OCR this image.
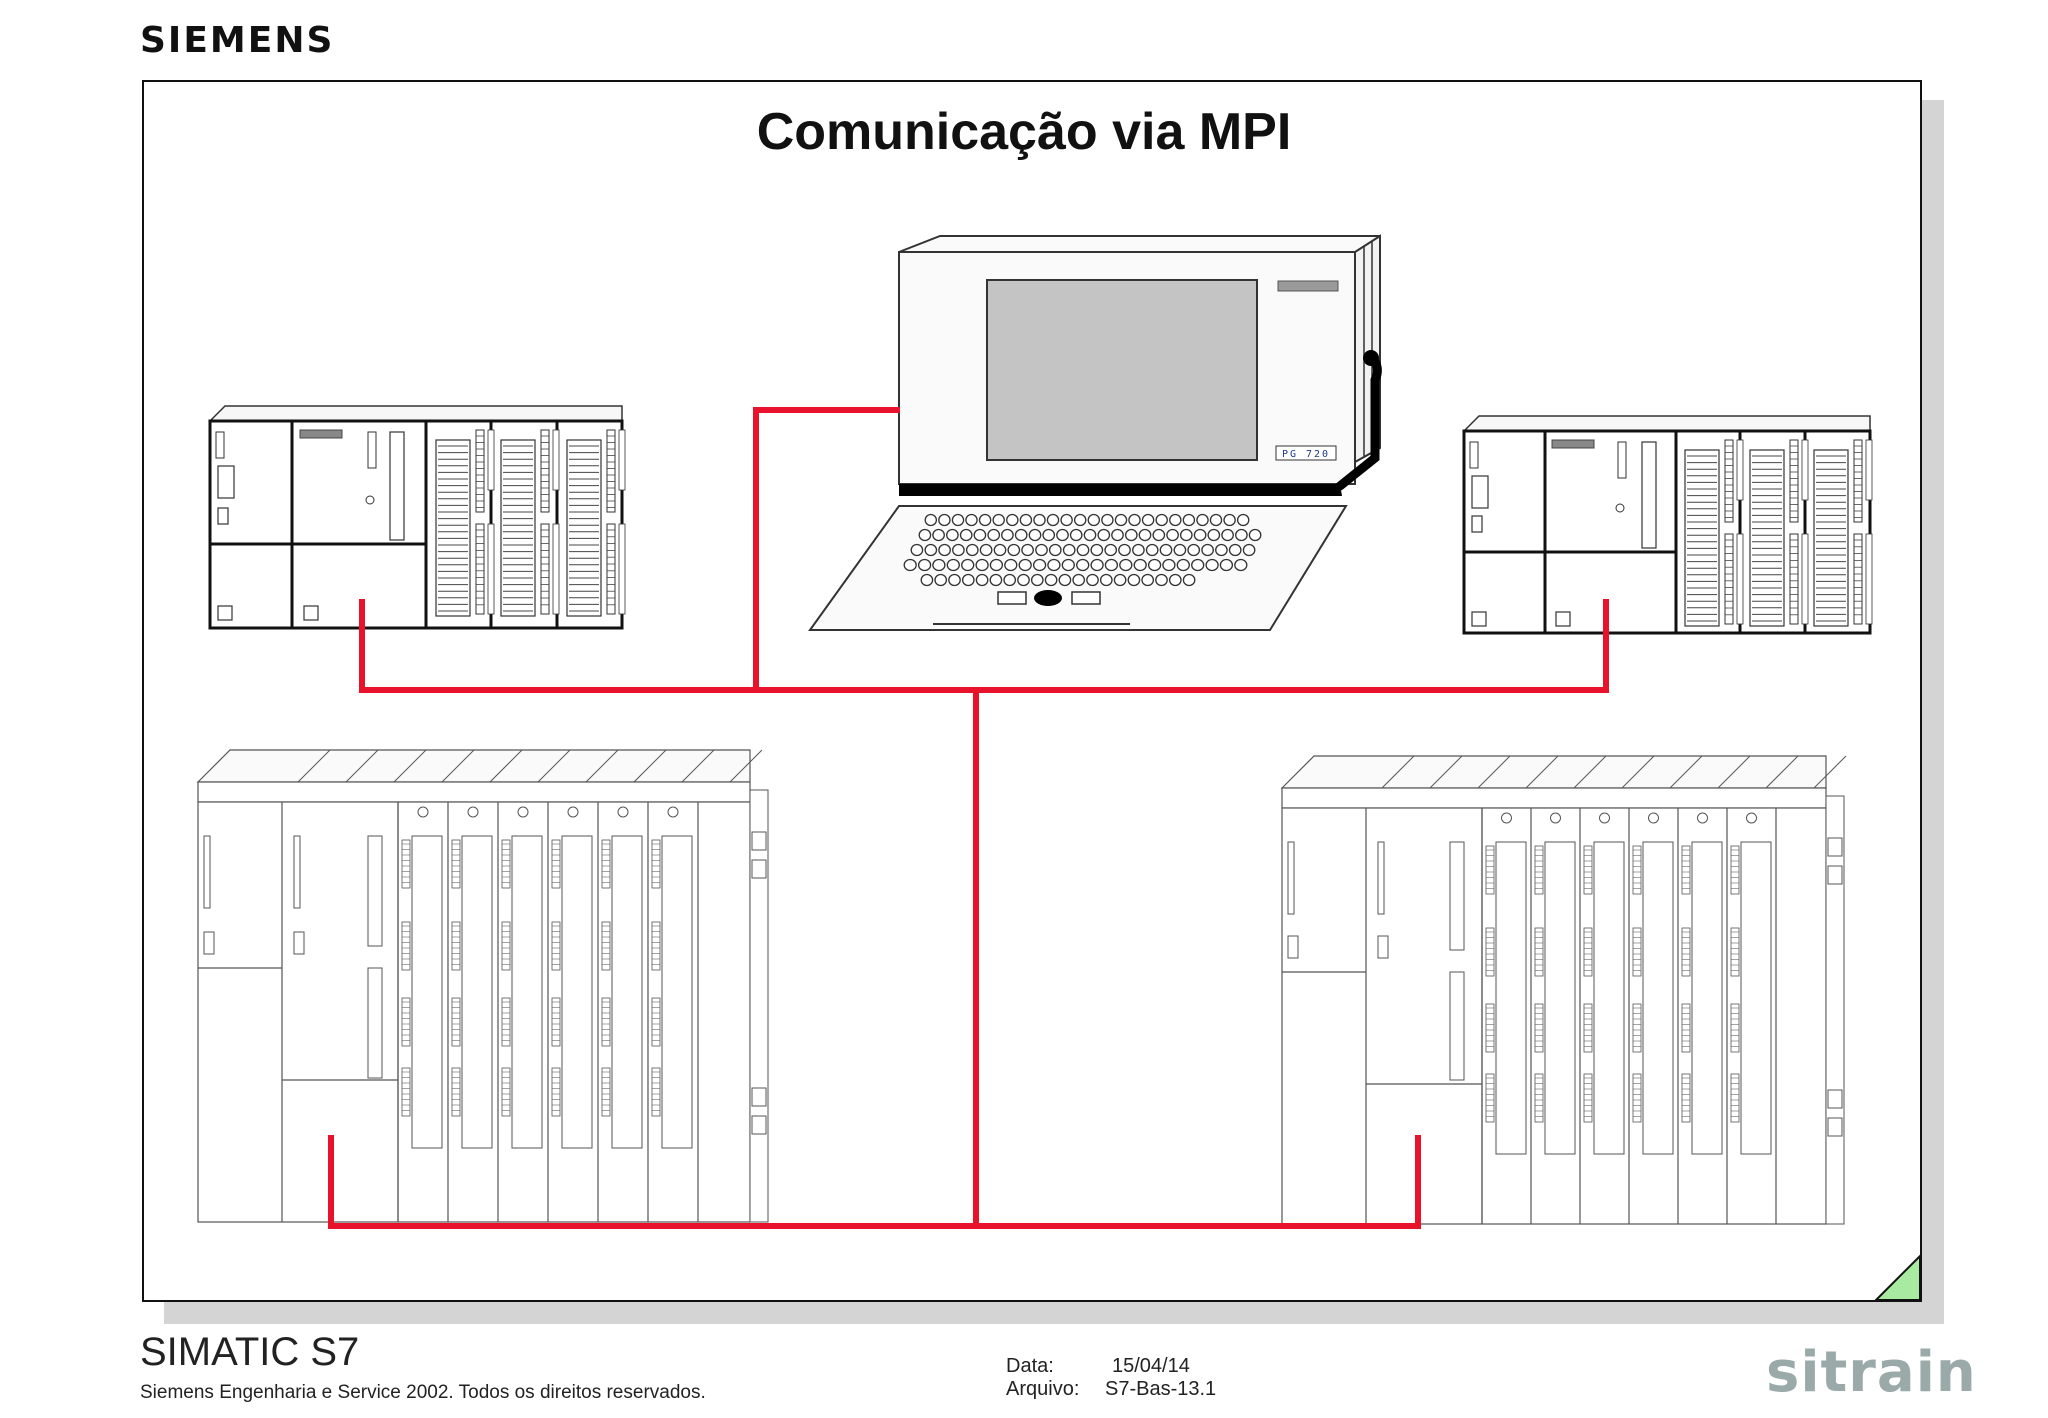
SIEMENS
Comunicação via MPI
PG 720
SIMATIC S7
Siemens Engenharia e Service 2002. Todos os direitos reservados.
Data:	15/04/14
Arquivo: S7-Bas-13.1	sitrain
